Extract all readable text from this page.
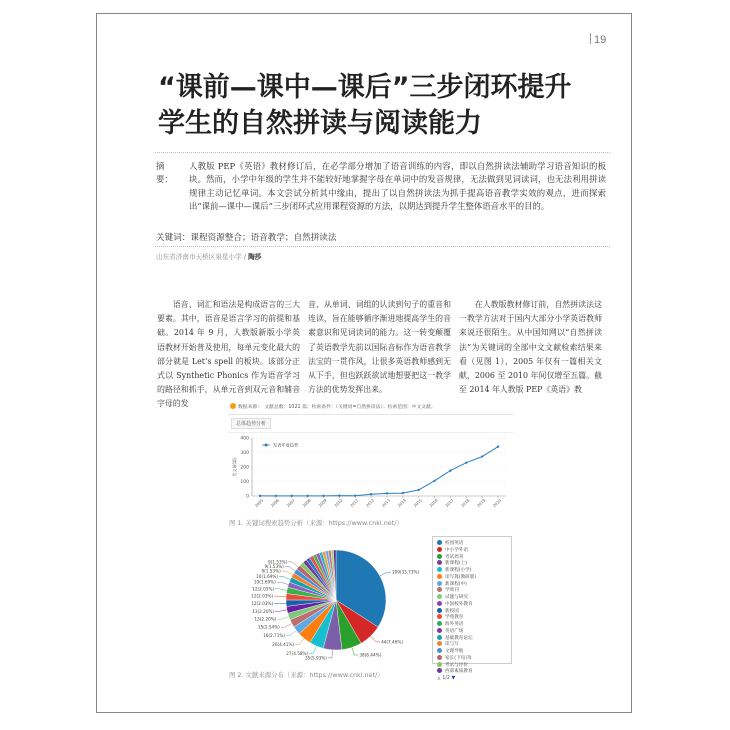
19
“课前—课中—课后”三步闭环提升
学生的自然拼读与阅读能力
摘　要：
人教版 PEP《英语》教材修订后，在必学部分增加了语音训练的内容，即以自然拼读法辅助学习语音知识的板块。然而，小学中年级的学生并不能较好地掌握字母在单词中的发音规律，无法做到见词读词，也无法利用拼读规律主动记忆单词。本文尝试分析其中缘由，提出了以自然拼读法为抓手提高语音教学实效的观点，进而探索出“课前—课中—课后”三步闭环式应用课程资源的方法，以期达到提升学生整体语音水平的目的。
关键词：课程资源整合；语音教学；自然拼读法
山东省济南市天桥区泉星小学 / 陶莎

语音、词汇和语法是构成语言的三大要素。其中，语音是语言学习的前提和基础。2014 年 9 月，人教版新版小学英语教材开始普及使用，每单元变化最大的部分就是 Let’s spell 的板块。该部分正式以 Synthetic Phonics 作为语音学习的路径和抓手，从单元音到双元音和辅音字母的发

音、从单词、词组的认读到句子的重音和连读，旨在能够循序渐进地提高学生的音素意识和见词读词的能力。这一转变颠覆了英语教学先前以国际音标作为语音教学法宝的一贯作风，让很多英语教师感到无从下手，但也跃跃欲试地想要把这一教学方法的优势发挥出来。

在人教版教材修订前，自然拼读法这一教学方法对于国内大部分小学英语教师来说还很陌生。从中国知网以“自然拼读法”为关键词的全部中文文献检索结果来看（见图 1），2005 年仅有一篇相关文献，2006 至 2010 年间仅增至五篇。截至 2014 年人教版 PEP《英语》教

数据来源：　文献总数：1021 篇；检索条件：（关键词=自然拼读法）；检索范围：中文文献。
总体趋势分析
0
100
200
300
400
发文量(篇)
2005 2006 2007 2008 2009 2010 2011 2012 2013 2014 2015 2016 2017 2018 2019 2020
发表年度趋势
图 1. 关键词搜索趋势分析（来源：https://www.cnki.net/）
199(33.73%)
44(7.46%)
38(6.44%)
35(5.93%)
27(4.58%)
26(4.41%)
16(2.71%)
15(2.54%)
13(2.20%)
13(2.20%)
12(2.03%)
12(2.03%)
12(2.03%)
10(1.69%)
10(1.69%)
9(1.53%)
9(1.53%)
9(1.53%)
校园英语
中小学外语
考试周刊
新课程(上)
新课程(小学)
读写算(教研版)
新课程(中)
学周刊
试题与研究
中国校外教育
新校园
学苑教育
海外英语
英语广场
基础教育论坛
读与写
文理导航
家长(下旬刊)
考试与评价
西部素质教育
▲ 1/2 ▼
图 2. 文献来源分布（来源：https://www.cnki.net/）
